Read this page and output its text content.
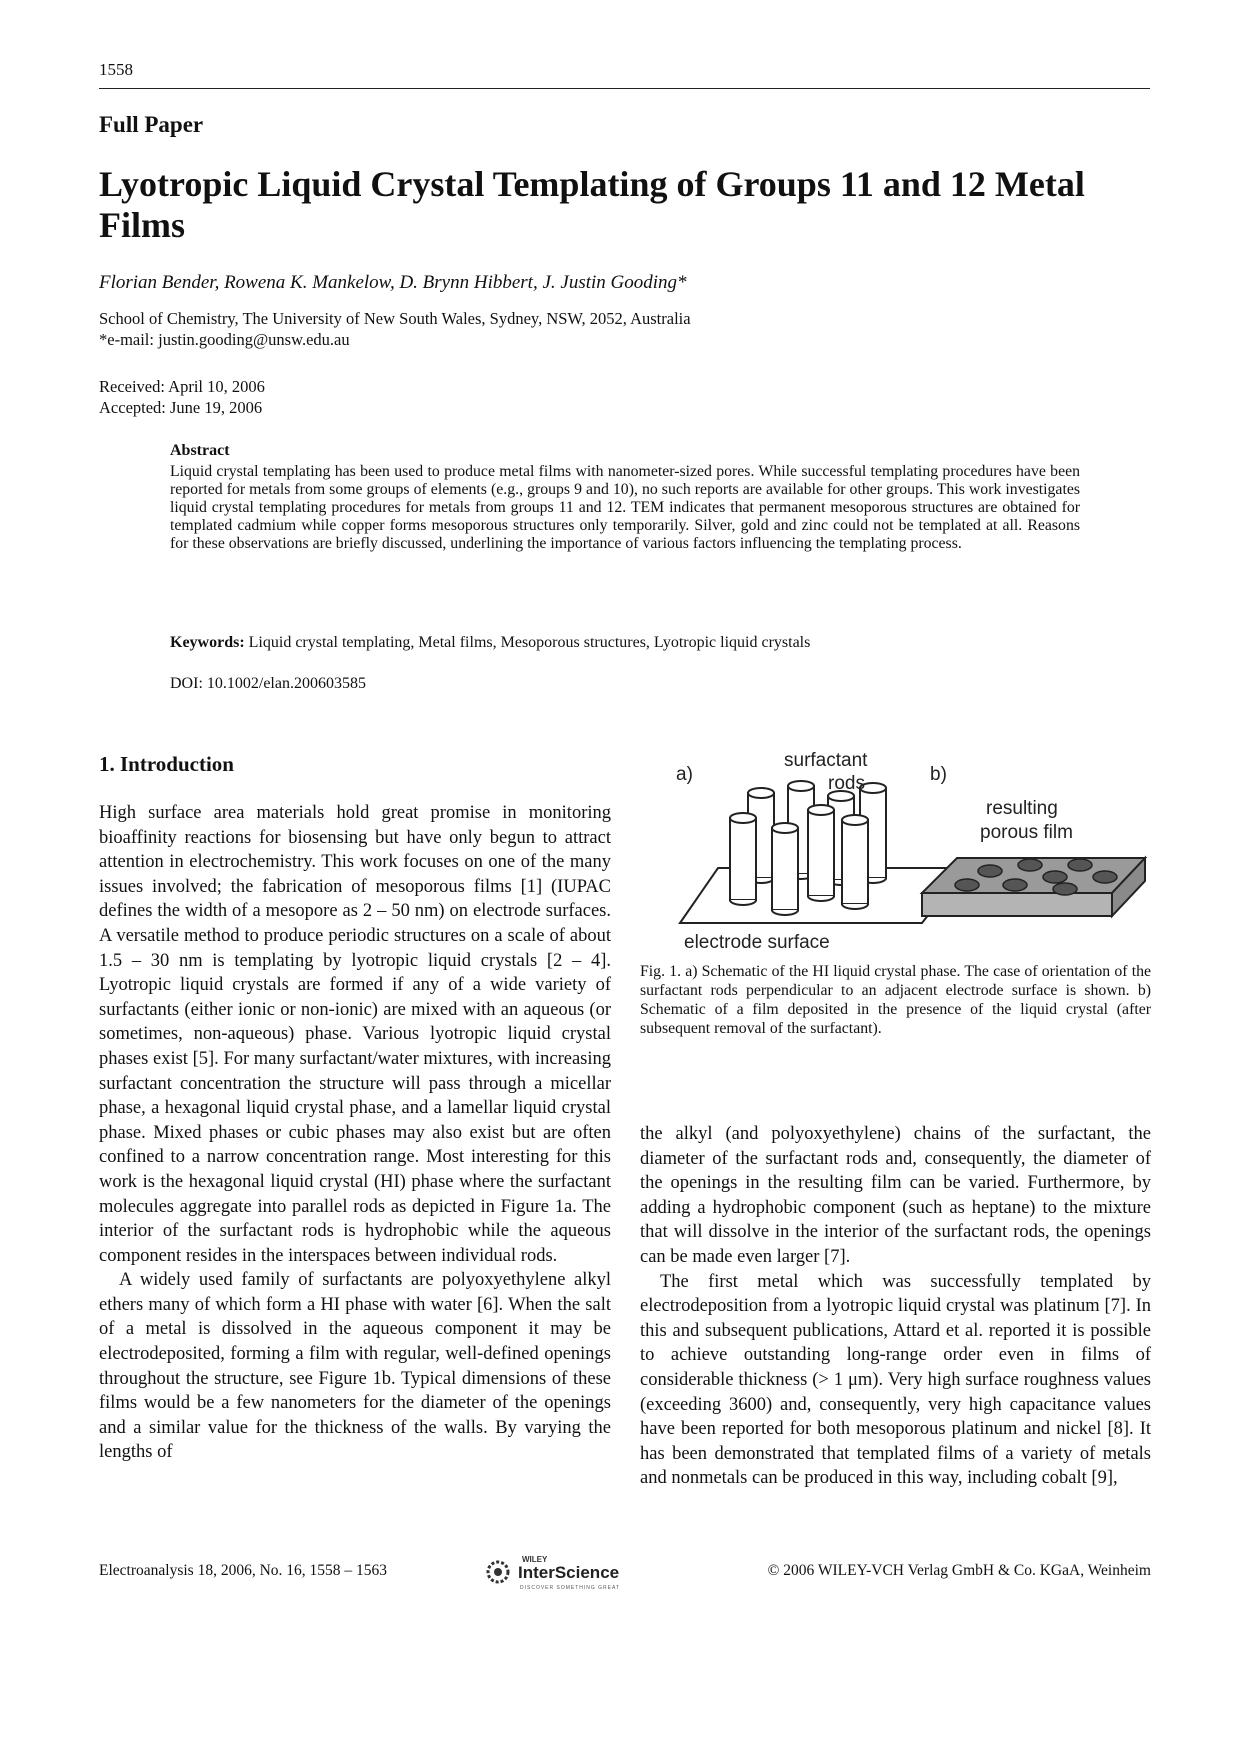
1558
Full Paper
Lyotropic Liquid Crystal Templating of Groups 11 and 12 Metal Films
Florian Bender, Rowena K. Mankelow, D. Brynn Hibbert, J. Justin Gooding*
School of Chemistry, The University of New South Wales, Sydney, NSW, 2052, Australia
*e-mail: justin.gooding@unsw.edu.au
Received: April 10, 2006
Accepted: June 19, 2006
Abstract
Liquid crystal templating has been used to produce metal films with nanometer-sized pores. While successful templating procedures have been reported for metals from some groups of elements (e.g., groups 9 and 10), no such reports are available for other groups. This work investigates liquid crystal templating procedures for metals from groups 11 and 12. TEM indicates that permanent mesoporous structures are obtained for templated cadmium while copper forms mesoporous structures only temporarily. Silver, gold and zinc could not be templated at all. Reasons for these observations are briefly discussed, underlining the importance of various factors influencing the templating process.
Keywords: Liquid crystal templating, Metal films, Mesoporous structures, Lyotropic liquid crystals
DOI: 10.1002/elan.200603585
1. Introduction

High surface area materials hold great promise in monitoring bioaffinity reactions for biosensing but have only begun to attract attention in electrochemistry. This work focuses on one of the many issues involved; the fabrication of mesoporous films [1] (IUPAC defines the width of a mesopore as 2 – 50 nm) on electrode surfaces. A versatile method to produce periodic structures on a scale of about 1.5 – 30 nm is templating by lyotropic liquid crystals [2 – 4]. Lyotropic liquid crystals are formed if any of a wide variety of surfactants (either ionic or non-ionic) are mixed with an aqueous (or sometimes, non-aqueous) phase. Various lyotropic liquid crystal phases exist [5]. For many surfactant/water mixtures, with increasing surfactant concentration the structure will pass through a micellar phase, a hexagonal liquid crystal phase, and a lamellar liquid crystal phase. Mixed phases or cubic phases may also exist but are often confined to a narrow concentration range. Most interesting for this work is the hexagonal liquid crystal (HI) phase where the surfactant molecules aggregate into parallel rods as depicted in Figure 1a. The interior of the surfactant rods is hydrophobic while the aqueous component resides in the interspaces between individual rods.

A widely used family of surfactants are polyoxyethylene alkyl ethers many of which form a HI phase with water [6]. When the salt of a metal is dissolved in the aqueous component it may be electrodeposited, forming a film with regular, well-defined openings throughout the structure, see Figure 1b. Typical dimensions of these films would be a few nanometers for the diameter of the openings and a similar value for the thickness of the walls. By varying the lengths of

a)
surfactant
rods
electrode surface
b)
resulting
porous film
Fig. 1. a) Schematic of the HI liquid crystal phase. The case of orientation of the surfactant rods perpendicular to an adjacent electrode surface is shown. b) Schematic of a film deposited in the presence of the liquid crystal (after subsequent removal of the surfactant).

the alkyl (and polyoxyethylene) chains of the surfactant, the diameter of the surfactant rods and, consequently, the diameter of the openings in the resulting film can be varied. Furthermore, by adding a hydrophobic component (such as heptane) to the mixture that will dissolve in the interior of the surfactant rods, the openings can be made even larger [7].

The first metal which was successfully templated by electrodeposition from a lyotropic liquid crystal was platinum [7]. In this and subsequent publications, Attard et al. reported it is possible to achieve outstanding long-range order even in films of considerable thickness (> 1 μm). Very high surface roughness values (exceeding 3600) and, consequently, very high capacitance values have been reported for both mesoporous platinum and nickel [8]. It has been demonstrated that templated films of a variety of metals and nonmetals can be produced in this way, including cobalt [9],

Electroanalysis 18, 2006, No. 16, 1558 – 1563
WILEY
InterScience
DISCOVER SOMETHING GREAT
© 2006 WILEY-VCH Verlag GmbH & Co. KGaA, Weinheim
